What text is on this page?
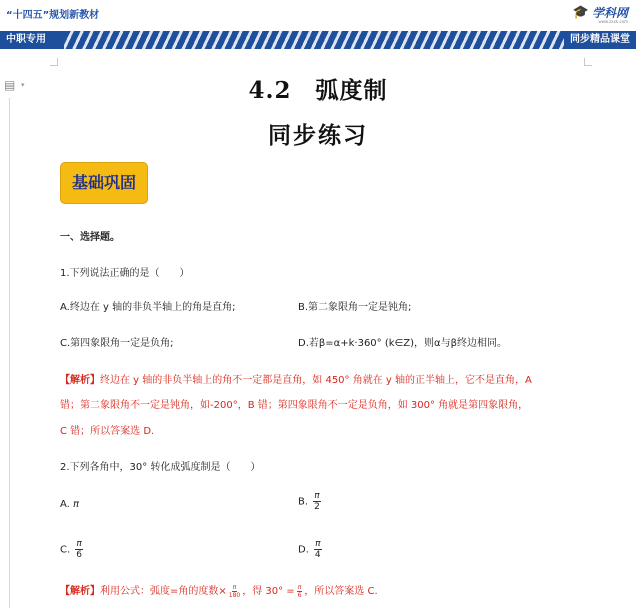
“十四五”规划新教材	🎓 学科网
www.zxxk.com
中职专用	同步精品课堂
▤ ▾	4.2　弧度制
同步练习
基础巩固
一、选择题。
1.下列说法正确的是（　　）
A.终边在 y 轴的非负半轴上的角是直角;	B.第二象限角一定是钝角;
C.第四象限角一定是负角;	D.若β=α+k·360° (k∈Z)，则α与β终边相同。
【解析】终边在 y 轴的非负半轴上的角不一定都是直角，如 450° 角就在 y 轴的正半轴上，它不是直角，A
错；第二象限角不一定是钝角，如-200°，B 错；第四象限角不一定是负角，如 300° 角就是第四象限角，
C 错；所以答案选 D.
2.下列各角中，30° 转化成弧度制是（　　）
A. π	B. $\frac{\pi}{2}$
C. $\frac{\pi}{6}$	D. $\frac{\pi}{4}$
【解析】利用公式：弧度=角的度数× $\frac{\pi}{180}$ ，得 $30^\circ = \frac{\pi}{6}$ ，所以答案选 C.
